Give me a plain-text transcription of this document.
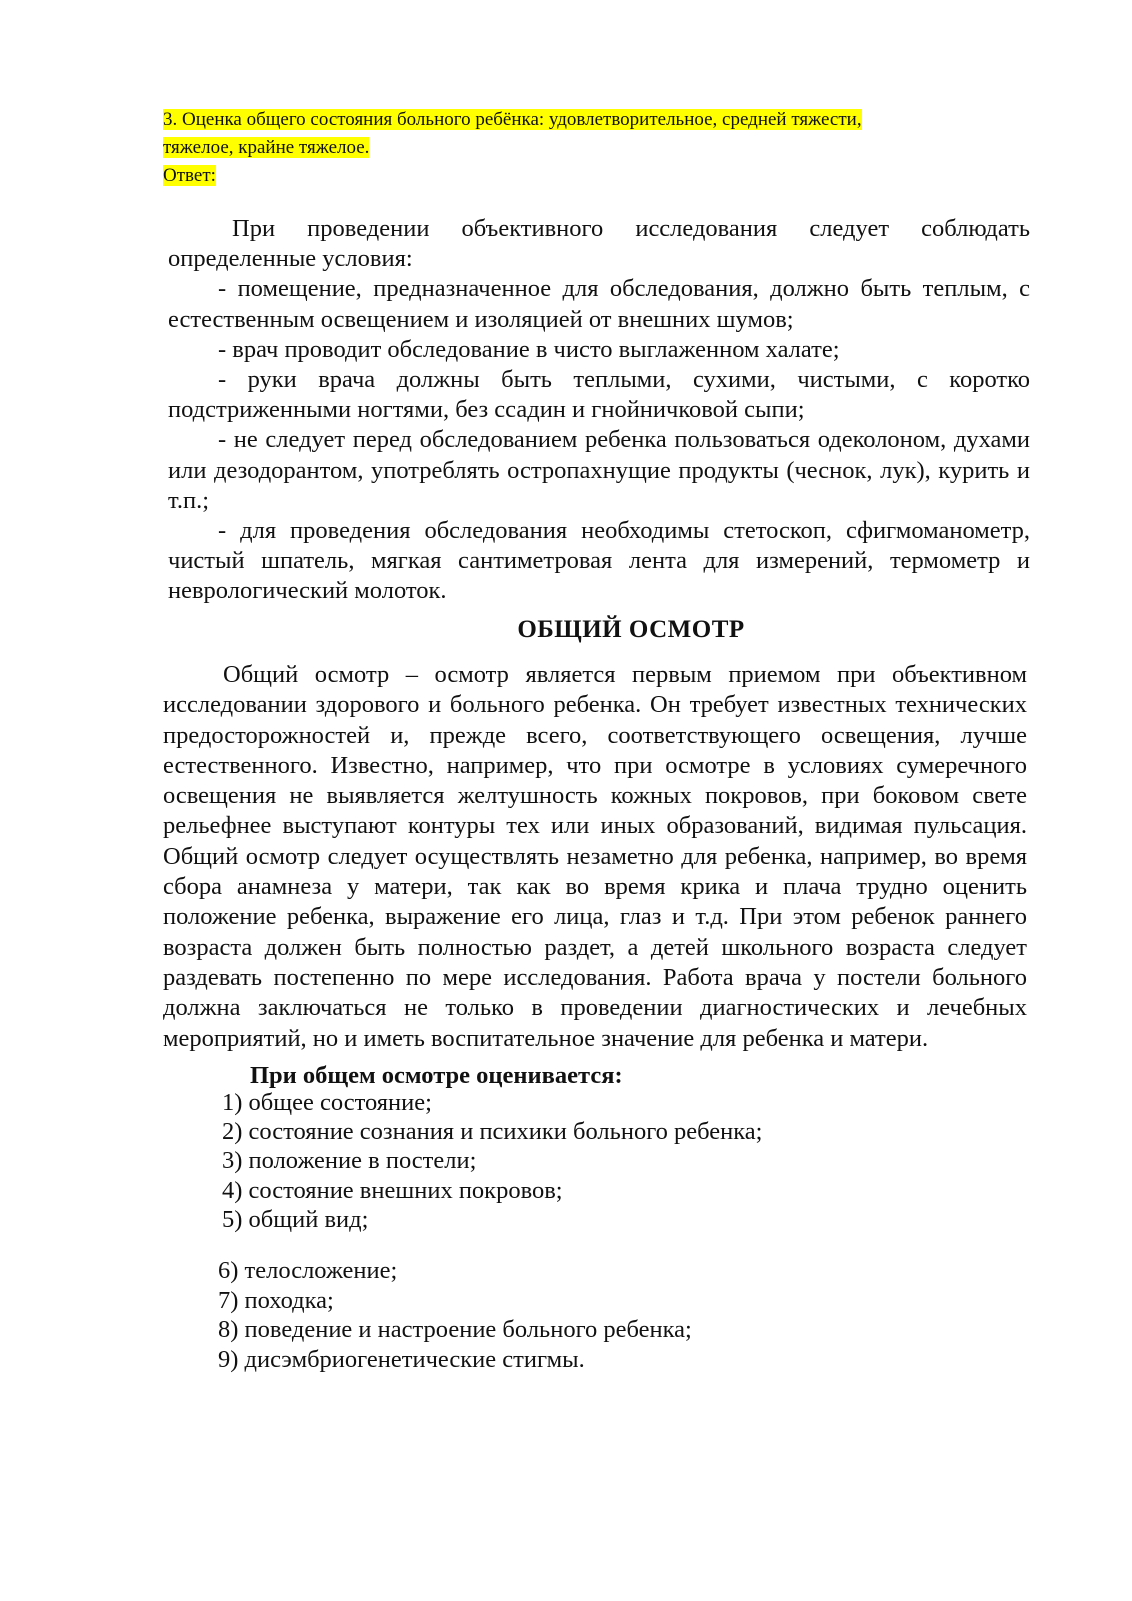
3. Оценка общего состояния больного ребёнка: удовлетворительное, средней тяжести,
тяжелое, крайне тяжелое.
Ответ:

При проведении объективного исследования следует соблюдать определенные условия:

- помещение, предназначенное для обследования, должно быть теплым, с естественным освещением и изоляцией от внешних шумов;

- врач проводит обследование в чисто выглаженном халате;

- руки врача должны быть теплыми, сухими, чистыми, с коротко подстриженными ногтями, без ссадин и гнойничковой сыпи;

- не следует перед обследованием ребенка пользоваться одеколоном, духами или дезодорантом, употреблять остропахнущие продукты (чеснок, лук), курить и т.п.;

- для проведения обследования необходимы стетоскоп, сфигмоманометр, чистый шпатель, мягкая сантиметровая лента для измерений, термометр и неврологический молоток.

ОБЩИЙ ОСМОТР

Общий осмотр – осмотр является первым приемом при объективном исследовании здорового и больного ребенка. Он требует известных технических предосторожностей и, прежде всего, соответствующего освещения, лучше естественного. Известно, например, что при осмотре в условиях сумеречного освещения не выявляется желтушность кожных покровов, при боковом свете рельефнее выступают контуры тех или иных образований, видимая пульсация. Общий осмотр следует осуществлять незаметно для ребенка, например, во время сбора анамнеза у матери, так как во время крика и плача трудно оценить положение ребенка, выражение его лица, глаз и т.д. При этом ребенок раннего возраста должен быть полностью раздет, а детей школьного возраста следует раздевать постепенно по мере исследования. Работа врача у постели больного должна заключаться не только в проведении диагностических и лечебных мероприятий, но и иметь воспитательное значение для ребенка и матери.

При общем осмотре оценивается:
1) общее состояние;
2) состояние сознания и психики больного ребенка;
3) положение в постели;
4) состояние внешних покровов;
5) общий вид;
6) телосложение;
7) походка;
8) поведение и настроение больного ребенка;
9) дисэмбриогенетические стигмы.
